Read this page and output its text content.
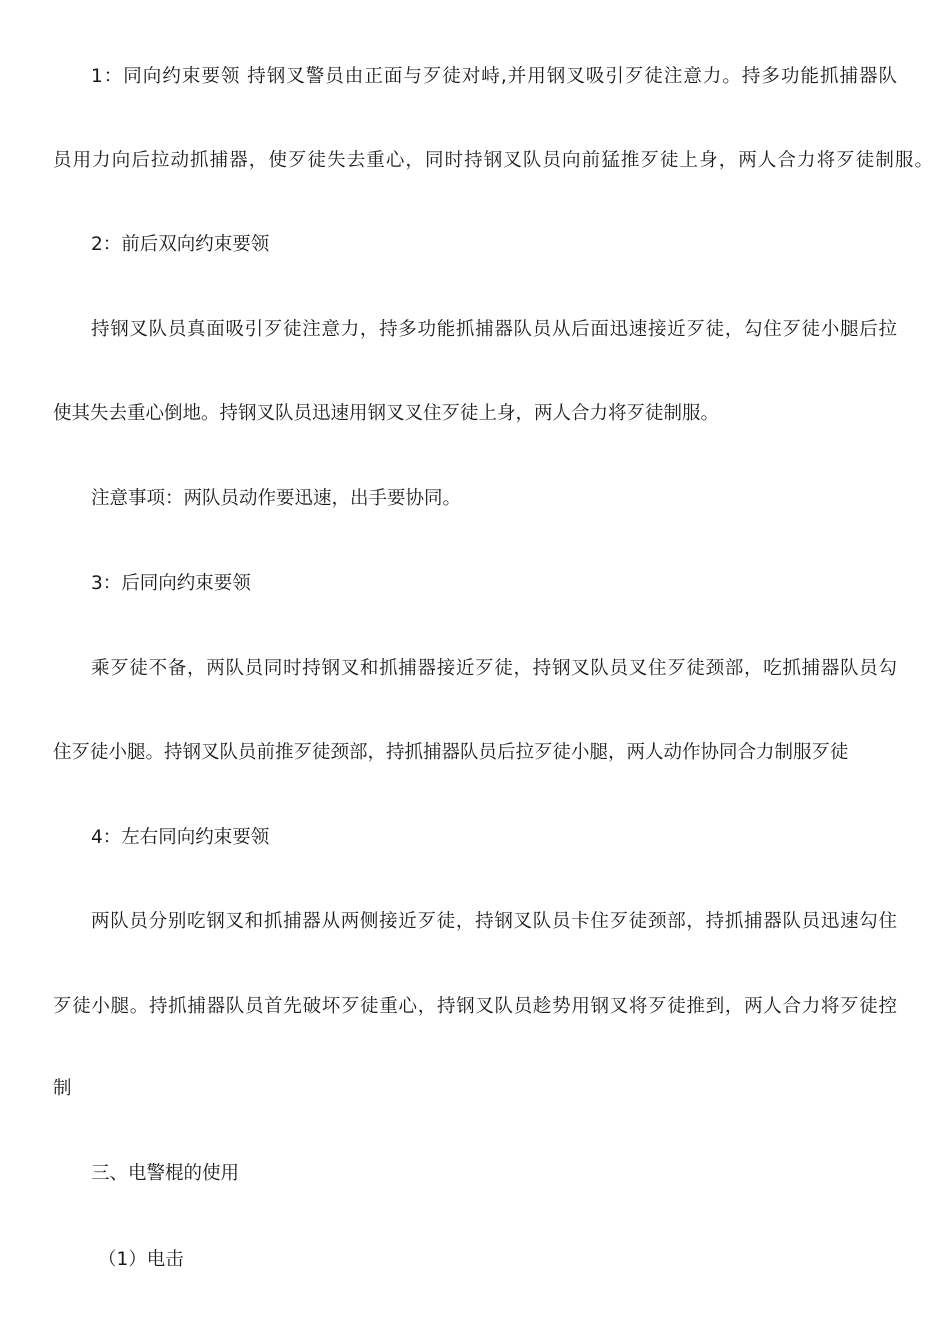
1：同向约束要领 持钢叉警员由正面与歹徒对峙,并用钢叉吸引歹徒注意力。持多功能抓捕器队
员用力向后拉动抓捕器，使歹徒失去重心，同时持钢叉队员向前猛推歹徒上身，两人合力将歹徒制服。
2：前后双向约束要领
持钢叉队员真面吸引歹徒注意力，持多功能抓捕器队员从后面迅速接近歹徒，勾住歹徒小腿后拉
使其失去重心倒地。持钢叉队员迅速用钢叉叉住歹徒上身，两人合力将歹徒制服。
注意事项：两队员动作要迅速，出手要协同。
3：后同向约束要领
乘歹徒不备，两队员同时持钢叉和抓捕器接近歹徒，持钢叉队员叉住歹徒颈部，吃抓捕器队员勾
住歹徒小腿。持钢叉队员前推歹徒颈部，持抓捕器队员后拉歹徒小腿，两人动作协同合力制服歹徒
4：左右同向约束要领
两队员分别吃钢叉和抓捕器从两侧接近歹徒，持钢叉队员卡住歹徒颈部，持抓捕器队员迅速勾住
歹徒小腿。持抓捕器队员首先破坏歹徒重心，持钢叉队员趁势用钢叉将歹徒推到，两人合力将歹徒控
制
三、电警棍的使用
（1）电击
